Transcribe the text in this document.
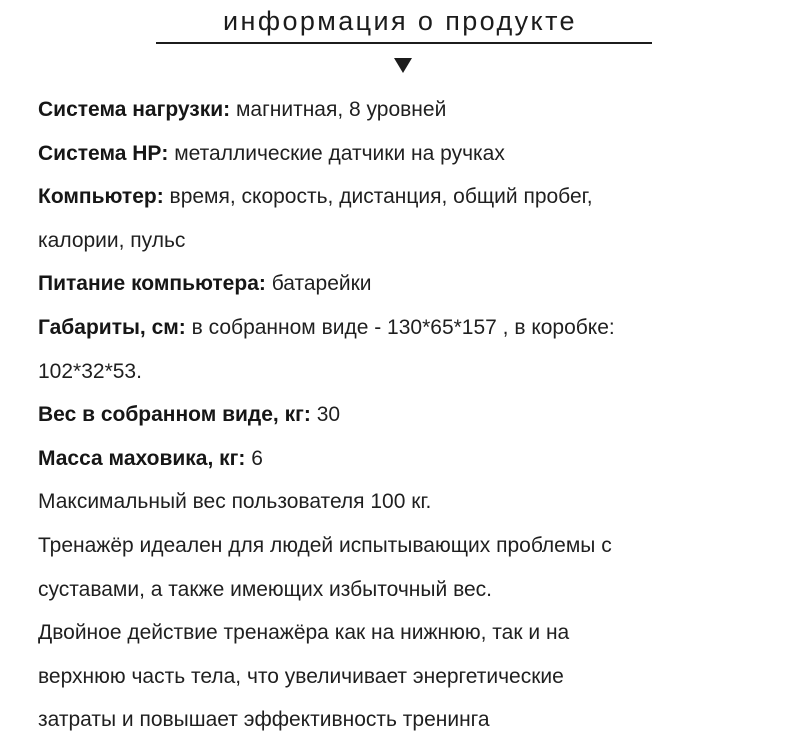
информация о продукте
Система нагрузки: магнитная, 8 уровней
Система HP: металлические датчики на ручках
Компьютер: время, скорость, дистанция, общий пробег,
калории, пульс
Питание компьютера: батарейки
Габариты, см: в собранном виде - 130*65*157 , в коробке:
102*32*53.
Вес в собранном виде, кг: 30
Масса маховика, кг: 6
Максимальный вес пользователя 100 кг.
Тренажёр идеален для людей испытывающих проблемы с
суставами, а также имеющих избыточный вес.
Двойное действие тренажёра как на нижнюю, так и на
верхнюю часть тела, что увеличивает энергетические
затраты и повышает эффективность тренинга
